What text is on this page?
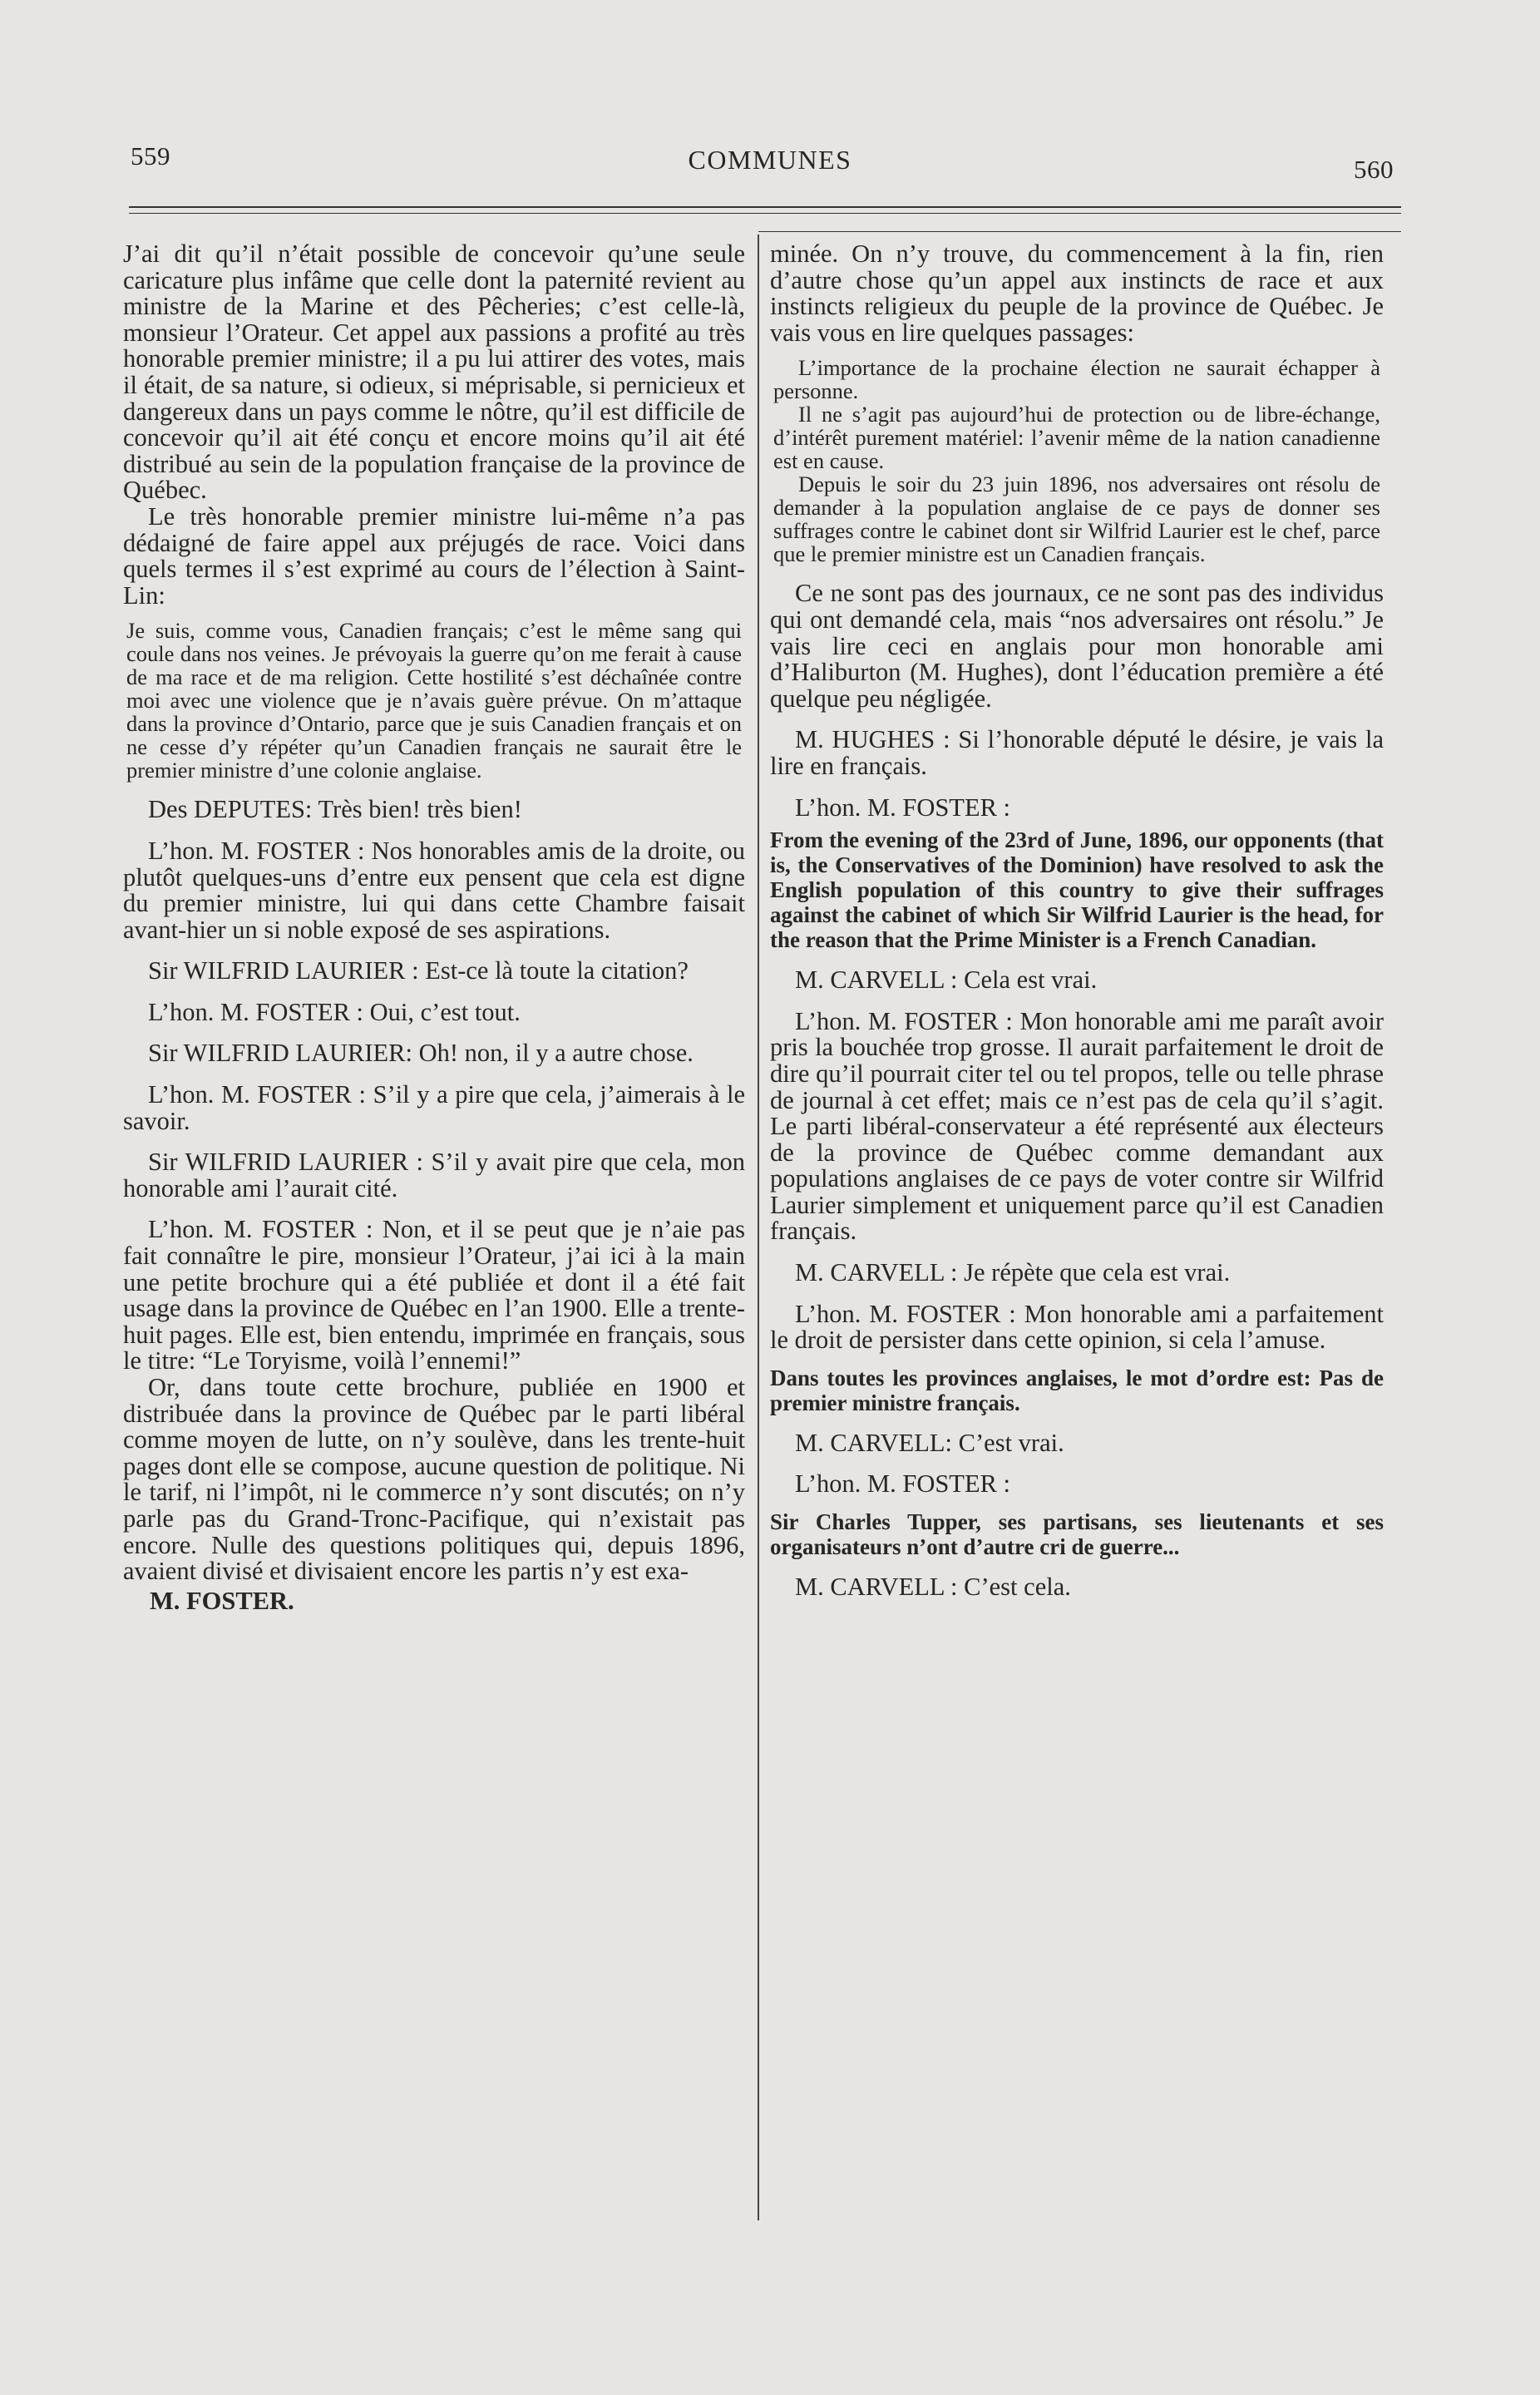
559	COMMUNES	560

J’ai dit qu’il n’était possible de concevoir qu’une seule caricature plus infâme que celle dont la paternité revient au ministre de la Marine et des Pêcheries; c’est celle-là, monsieur l’Orateur. Cet appel aux passions a profité au très honorable premier ministre; il a pu lui attirer des votes, mais il était, de sa nature, si odieux, si méprisable, si pernicieux et dangereux dans un pays comme le nôtre, qu’il est difficile de concevoir qu’il ait été conçu et encore moins qu’il ait été distribué au sein de la population française de la province de Québec.

Le très honorable premier ministre lui-même n’a pas dédaigné de faire appel aux préjugés de race. Voici dans quels termes il s’est exprimé au cours de l’élection à Saint-Lin:

Je suis, comme vous, Canadien français; c’est le même sang qui coule dans nos veines. Je prévoyais la guerre qu’on me ferait à cause de ma race et de ma religion. Cette hostilité s’est déchaînée contre moi avec une violence que je n’avais guère prévue. On m’attaque dans la province d’Ontario, parce que je suis Canadien français et on ne cesse d’y répéter qu’un Canadien français ne saurait être le premier ministre d’une colonie anglaise.

Des DEPUTES: Très bien! très bien!

L’hon. M. FOSTER : Nos honorables amis de la droite, ou plutôt quelques-uns d’entre eux pensent que cela est digne du premier ministre, lui qui dans cette Chambre faisait avant-hier un si noble exposé de ses aspirations.

Sir WILFRID LAURIER : Est-ce là toute la citation?

L’hon. M. FOSTER : Oui, c’est tout.

Sir WILFRID LAURIER: Oh! non, il y a autre chose.

L’hon. M. FOSTER : S’il y a pire que cela, j’aimerais à le savoir.

Sir WILFRID LAURIER : S’il y avait pire que cela, mon honorable ami l’aurait cité.

L’hon. M. FOSTER : Non, et il se peut que je n’aie pas fait connaître le pire, monsieur l’Orateur, j’ai ici à la main une petite brochure qui a été publiée et dont il a été fait usage dans la province de Québec en l’an 1900. Elle a trente-huit pages. Elle est, bien entendu, imprimée en français, sous le titre: “Le Toryisme, voilà l’ennemi!”

Or, dans toute cette brochure, publiée en 1900 et distribuée dans la province de Québec par le parti libéral comme moyen de lutte, on n’y soulève, dans les trente-huit pages dont elle se compose, aucune question de politique. Ni le tarif, ni l’impôt, ni le commerce n’y sont discutés; on n’y parle pas du Grand-Tronc-Pacifique, qui n’existait pas encore. Nulle des questions politiques qui, depuis 1896, avaient divisé et divisaient encore les partis n’y est exa-

M. FOSTER.

minée. On n’y trouve, du commencement à la fin, rien d’autre chose qu’un appel aux instincts de race et aux instincts religieux du peuple de la province de Québec. Je vais vous en lire quelques passages:

L’importance de la prochaine élection ne saurait échapper à personne.

Il ne s’agit pas aujourd’hui de protection ou de libre-échange, d’intérêt purement matériel: l’avenir même de la nation canadienne est en cause.

Depuis le soir du 23 juin 1896, nos adversaires ont résolu de demander à la population anglaise de ce pays de donner ses suffrages contre le cabinet dont sir Wilfrid Laurier est le chef, parce que le premier ministre est un Canadien français.

Ce ne sont pas des journaux, ce ne sont pas des individus qui ont demandé cela, mais “nos adversaires ont résolu.” Je vais lire ceci en anglais pour mon honorable ami d’Haliburton (M. Hughes), dont l’éducation première a été quelque peu négligée.

M. HUGHES : Si l’honorable député le désire, je vais la lire en français.

L’hon. M. FOSTER :

From the evening of the 23rd of June, 1896, our opponents (that is, the Conservatives of the Dominion) have resolved to ask the English population of this country to give their suffrages against the cabinet of which Sir Wilfrid Laurier is the head, for the reason that the Prime Minister is a French Canadian.

M. CARVELL : Cela est vrai.

L’hon. M. FOSTER : Mon honorable ami me paraît avoir pris la bouchée trop grosse. Il aurait parfaitement le droit de dire qu’il pourrait citer tel ou tel propos, telle ou telle phrase de journal à cet effet; mais ce n’est pas de cela qu’il s’agit. Le parti libéral-conservateur a été représenté aux électeurs de la province de Québec comme demandant aux populations anglaises de ce pays de voter contre sir Wilfrid Laurier simplement et uniquement parce qu’il est Canadien français.

M. CARVELL : Je répète que cela est vrai.

L’hon. M. FOSTER : Mon honorable ami a parfaitement le droit de persister dans cette opinion, si cela l’amuse.

Dans toutes les provinces anglaises, le mot d’ordre est: Pas de premier ministre français.

M. CARVELL: C’est vrai.

L’hon. M. FOSTER :

Sir Charles Tupper, ses partisans, ses lieutenants et ses organisateurs n’ont d’autre cri de guerre...

M. CARVELL : C’est cela.
